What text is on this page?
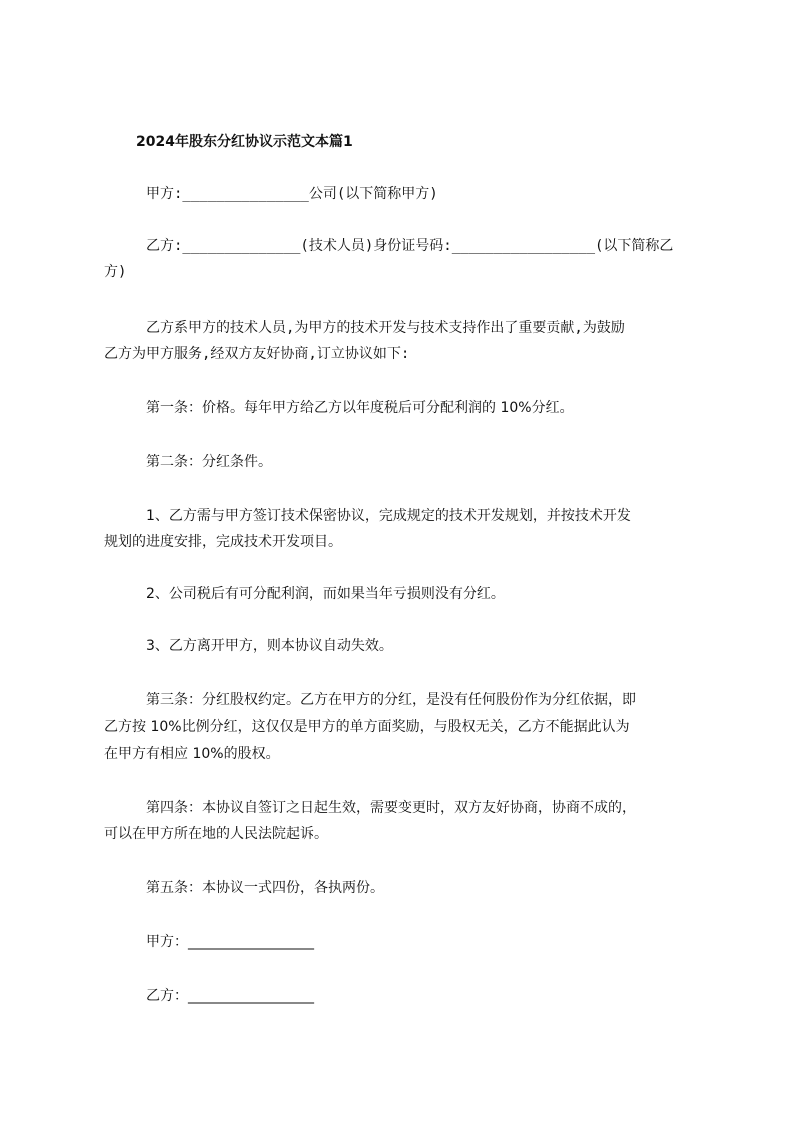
2024年股东分红协议示范文本篇1
甲方:_______________公司(以下简称甲方)
乙方:______________(技术人员)身份证号码:_________________(以下简称乙
方)
乙方系甲方的技术人员,为甲方的技术开发与技术支持作出了重要贡献,为鼓励
乙方为甲方服务,经双方友好协商,订立协议如下:
第一条：价格。每年甲方给乙方以年度税后可分配利润的 10%分红。
第二条：分红条件。
1、乙方需与甲方签订技术保密协议，完成规定的技术开发规划，并按技术开发
规划的进度安排，完成技术开发项目。
2、公司税后有可分配利润，而如果当年亏损则没有分红。
3、乙方离开甲方，则本协议自动失效。
第三条：分红股权约定。乙方在甲方的分红，是没有任何股份作为分红依据，即
乙方按 10%比例分红，这仅仅是甲方的单方面奖励，与股权无关，乙方不能据此认为
在甲方有相应 10%的股权。
第四条：本协议自签订之日起生效，需要变更时，双方友好协商，协商不成的，
可以在甲方所在地的人民法院起诉。
第五条：本协议一式四份，各执两份。
甲方：__________________
乙方：__________________
